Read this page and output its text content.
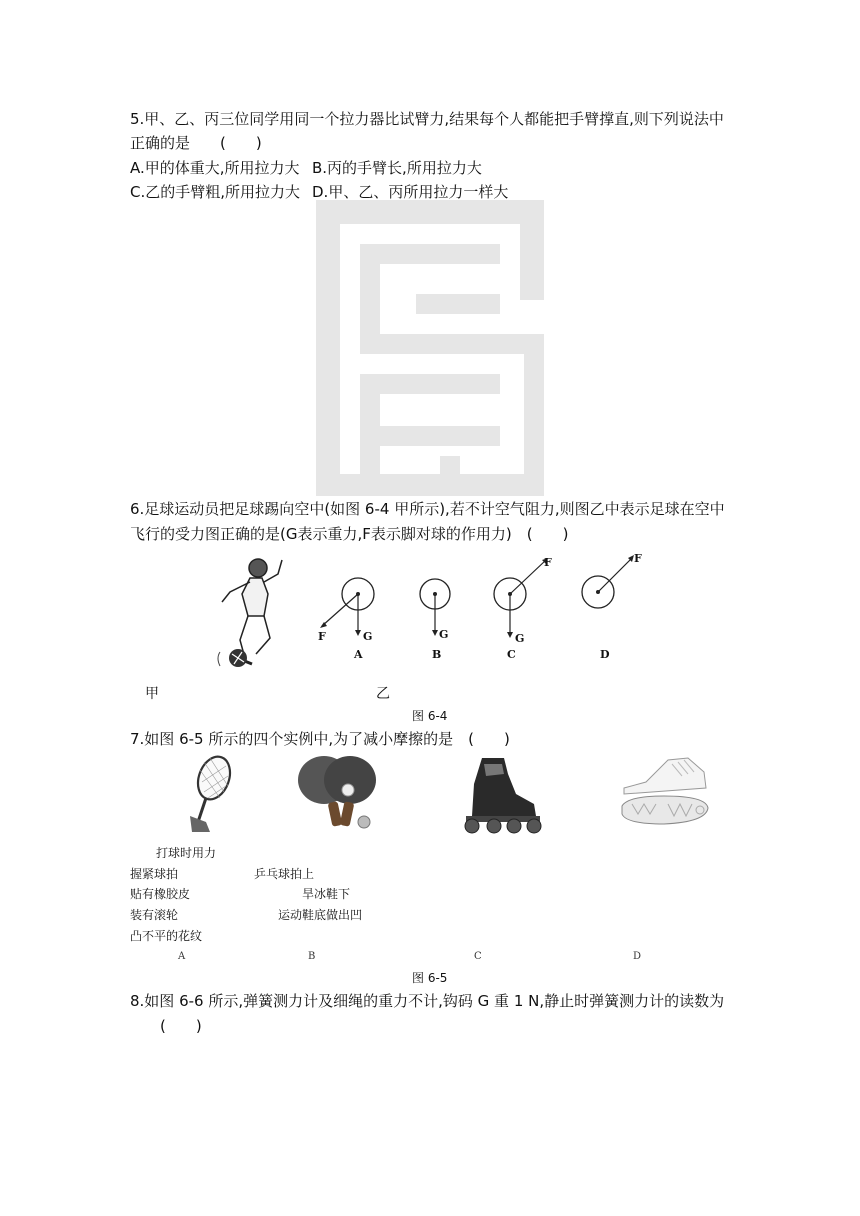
5.甲、乙、丙三位同学用同一个拉力器比试臂力,结果每个人都能把手臂撑直,则下列说法中
正确的是　　(　　)
A.甲的体重大,所用拉力大 B.丙的手臂长,所用拉力大
C.乙的手臂粗,所用拉力大 D.甲、乙、丙所用拉力一样大
6.足球运动员把足球踢向空中(如图 6-4 甲所示),若不计空气阻力,则图乙中表示足球在空中
飞行的受力图正确的是(G表示重力,F表示脚对球的作用力)　(　　)
G
F
A
G
B
F
G
C
F
D
甲	乙
图 6-4
7.如图 6-5 所示的四个实例中,为了减小摩擦的是　(　　)
打球时用力
握紧球拍	乒乓球拍上
贴有橡胶皮	旱冰鞋下
装有滚轮	运动鞋底做出凹
凸不平的花纹
A	B	C	D
图 6-5
8.如图 6-6 所示,弹簧测力计及细绳的重力不计,钩码 G 重 1 N,静止时弹簧测力计的读数为
(　　)
